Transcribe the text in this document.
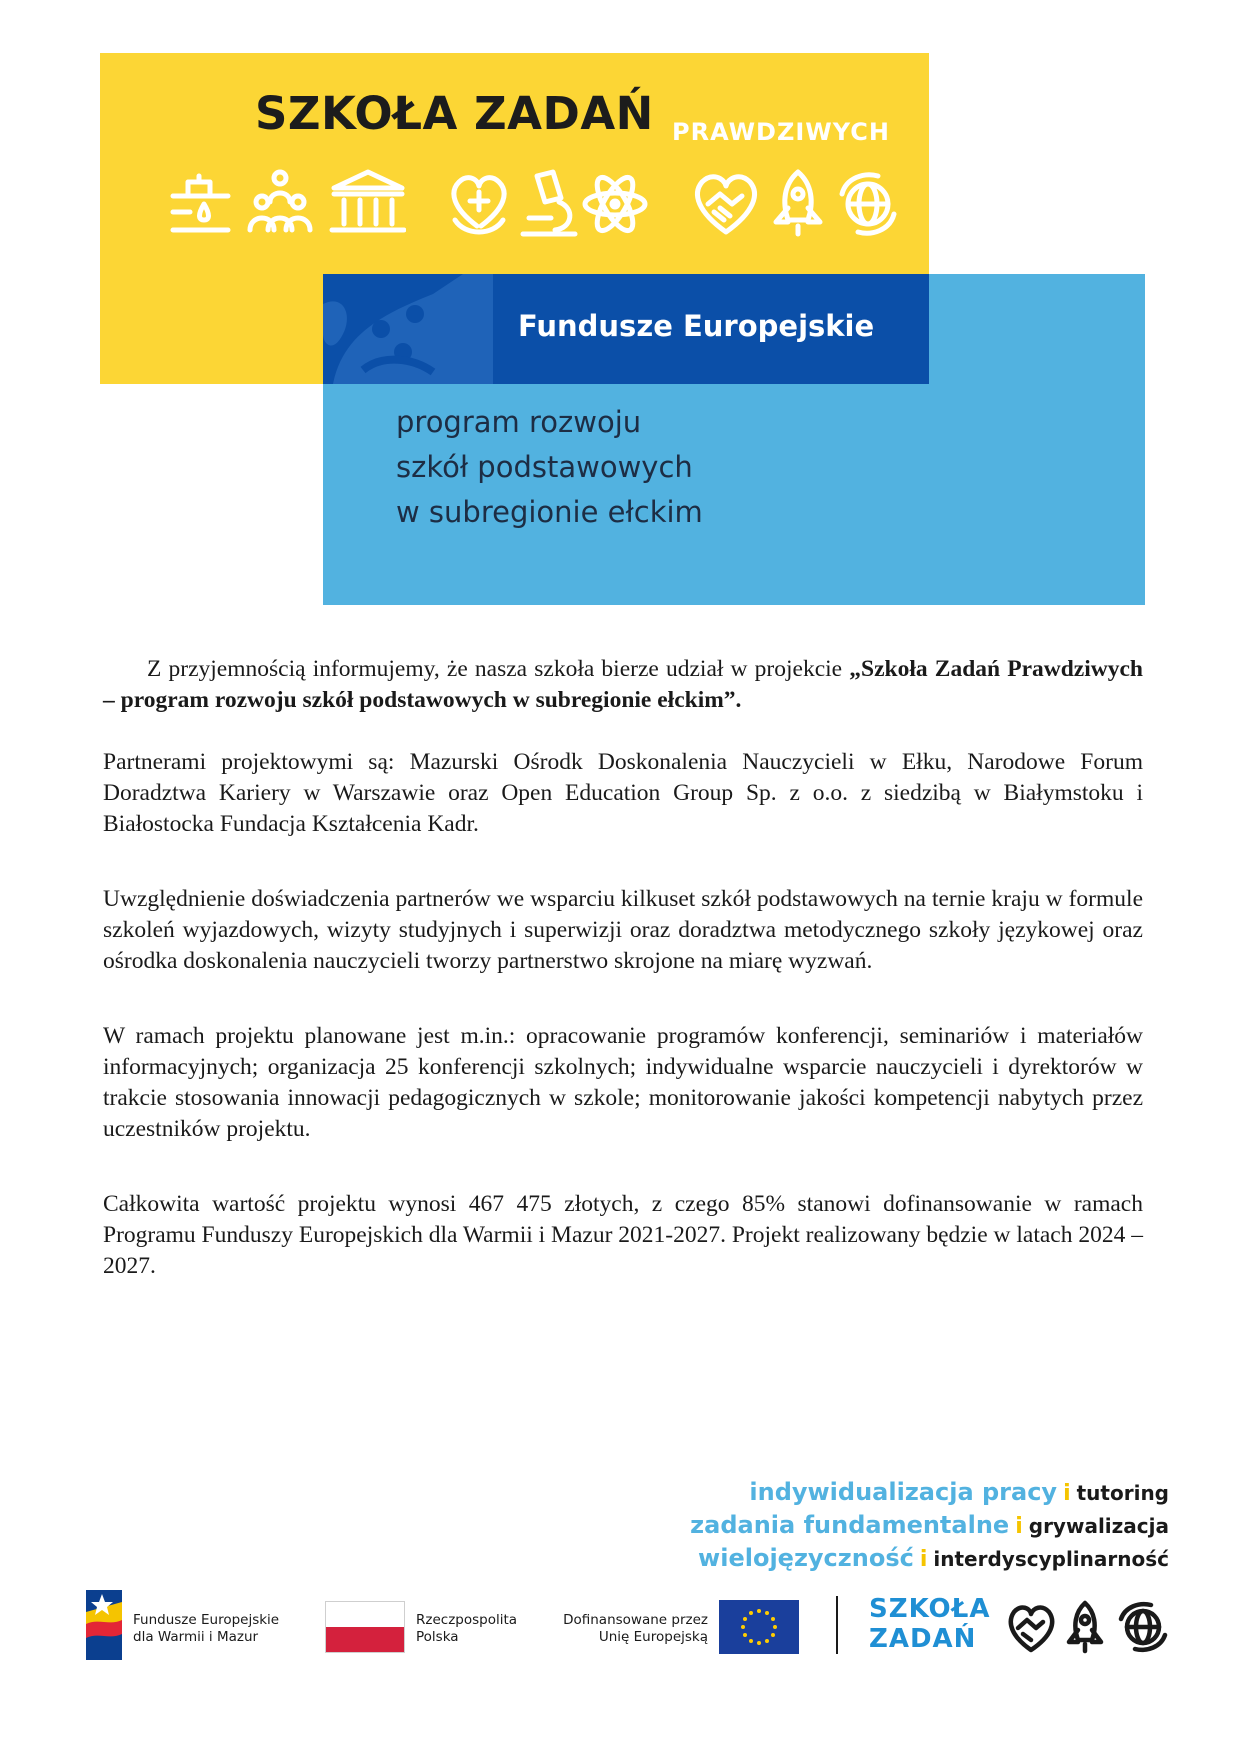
SZKOŁA ZADAŃ PRAWDZIWYCH
Fundusze Europejskie
program rozwoju
szkół podstawowych
w subregionie ełckim

Z przyjemnością informujemy, że nasza szkoła bierze udział w projekcie „Szkoła Zadań Prawdziwych – program rozwoju szkół podstawowych w subregionie ełckim”.

Partnerami projektowymi są: Mazurski Ośrodk Doskonalenia Nauczycieli w Ełku, Narodowe Forum Doradztwa Kariery w Warszawie oraz Open Education Group Sp. z o.o. z siedzibą w Białymstoku i Białostocka Fundacja Kształcenia Kadr.

Uwzględnienie doświadczenia partnerów we wsparciu kilkuset szkół podstawowych na ternie kraju w formule szkoleń wyjazdowych, wizyty studyjnych i superwizji oraz doradztwa metodycznego szkoły językowej oraz ośrodka doskonalenia nauczycieli tworzy partnerstwo skrojone na miarę wyzwań.

W ramach projektu planowane jest m.in.: opracowanie programów konferencji, seminariów i materiałów informacyjnych; organizacja 25 konferencji szkolnych; indywidualne wsparcie nauczycieli i dyrektorów w trakcie stosowania innowacji pedagogicznych w szkole; monitorowanie jakości kompetencji nabytych przez uczestników projektu.

Całkowita wartość projektu wynosi 467 475 złotych, z czego 85% stanowi dofinansowanie w ramach Programu Funduszy Europejskich dla Warmii i Mazur 2021-2027. Projekt realizowany będzie w latach 2024 – 2027.

indywidualizacja pracy i tutoring
zadania fundamentalne i grywalizacja
wielojęzyczność i interdyscyplinarność
Fundusze Europejskie
dla Warmii i Mazur
Rzeczpospolita
Polska
Dofinansowane przez
Unię Europejską
SZKOŁA
ZADAŃ
